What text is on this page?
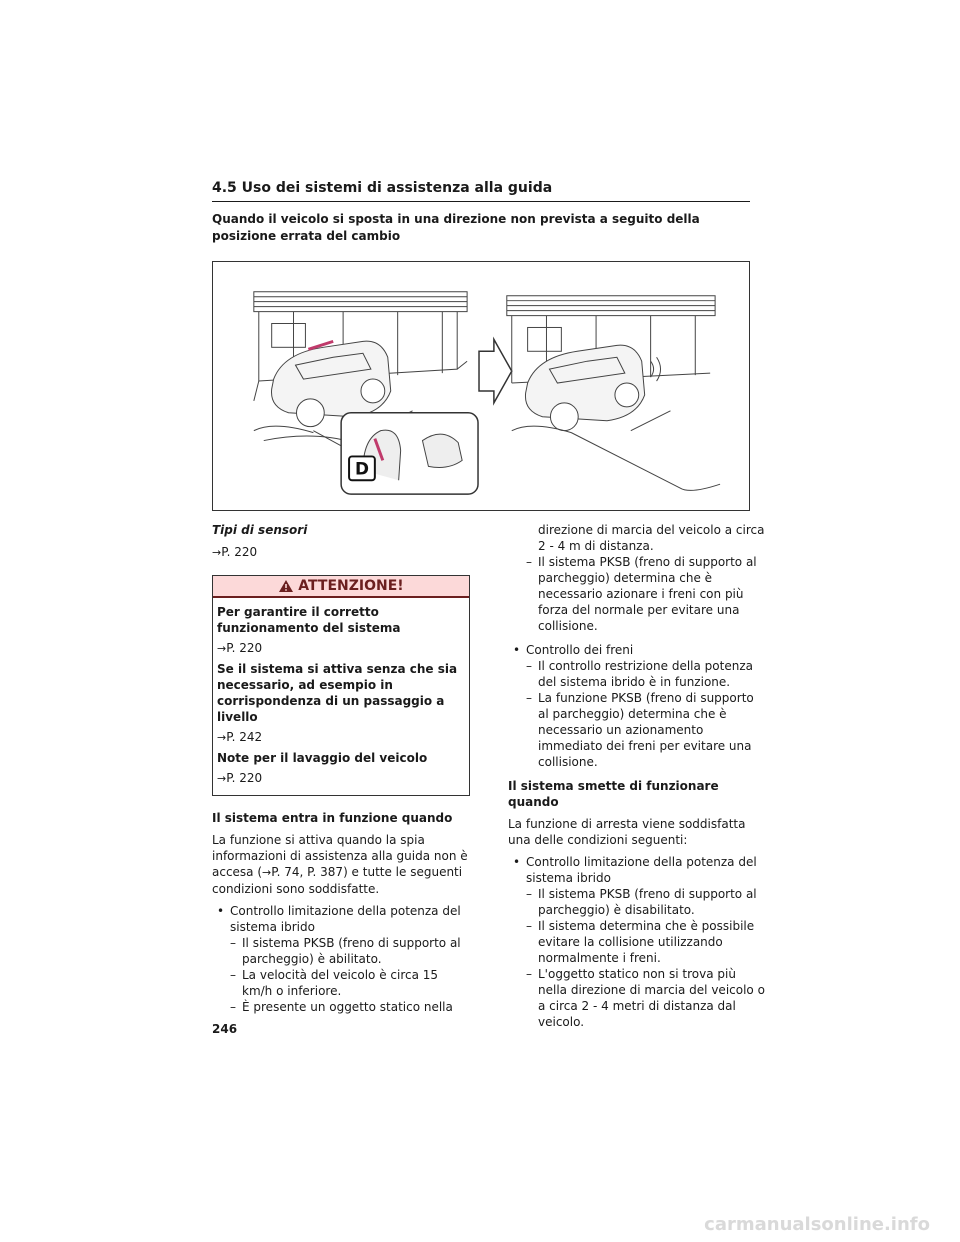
4.5 Uso dei sistemi di assistenza alla guida
Quando il veicolo si sposta in una direzione non prevista a seguito della posizione errata del cambio
D
Tipi di sensori
→P. 220
ATTENZIONE!
Per garantire il corretto funzionamento del sistema
→P. 220
Se il sistema si attiva senza che sia necessario, ad esempio in corrispondenza di un passaggio a livello
→P. 242
Note per il lavaggio del veicolo
→P. 220
Il sistema entra in funzione quando
La funzione si attiva quando la spia informazioni di assistenza alla guida non è accesa (→P. 74, P. 387) e tutte le seguenti condizioni sono soddisfatte.
• Controllo limitazione della potenza del sistema ibrido
– Il sistema PKSB (freno di supporto al parcheggio) è abilitato.
– La velocità del veicolo è circa 15 km/h o inferiore.
– È presente un oggetto statico nella
direzione di marcia del veicolo a circa 2 - 4 m di distanza.
– Il sistema PKSB (freno di supporto al parcheggio) determina che è necessario azionare i freni con più forza del normale per evitare una collisione.
• Controllo dei freni
– Il controllo restrizione della potenza del sistema ibrido è in funzione.
– La funzione PKSB (freno di supporto al parcheggio) determina che è necessario un azionamento immediato dei freni per evitare una collisione.
Il sistema smette di funzionare quando
La funzione di arresta viene soddisfatta una delle condizioni seguenti:
• Controllo limitazione della potenza del sistema ibrido
– Il sistema PKSB (freno di supporto al parcheggio) è disabilitato.
– Il sistema determina che è possibile evitare la collisione utilizzando normalmente i freni.
– L'oggetto statico non si trova più nella direzione di marcia del veicolo o a circa 2 - 4 metri di distanza dal veicolo.
246
carmanualsonline.info
